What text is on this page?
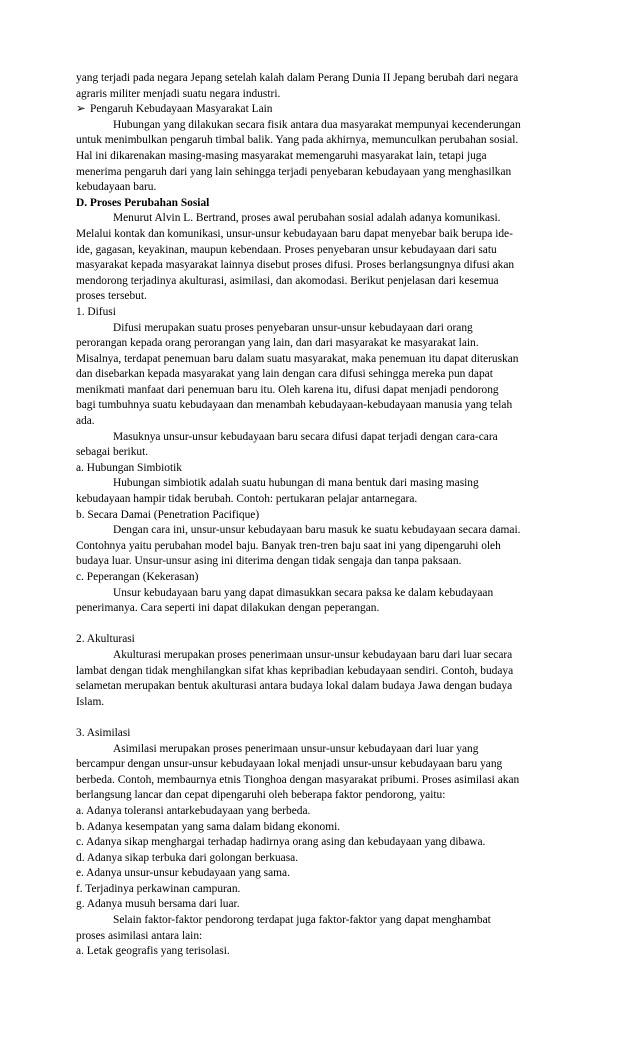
yang terjadi pada negara Jepang setelah kalah dalam Perang Dunia II Jepang berubah dari negara
agraris militer menjadi suatu negara industri.
➢ Pengaruh Kebudayaan Masyarakat Lain
Hubungan yang dilakukan secara fisik antara dua masyarakat mempunyai kecenderungan
untuk menimbulkan pengaruh timbal balik. Yang pada akhirnya, memunculkan perubahan sosial.
Hal ini dikarenakan masing-masing masyarakat memengaruhi masyarakat lain, tetapi juga
menerima pengaruh dari yang lain sehingga terjadi penyebaran kebudayaan yang menghasilkan
kebudayaan baru.
D. Proses Perubahan Sosial
Menurut Alvin L. Bertrand, proses awal perubahan sosial adalah adanya komunikasi.
Melalui kontak dan komunikasi, unsur-unsur kebudayaan baru dapat menyebar baik berupa ide-
ide, gagasan, keyakinan, maupun kebendaan. Proses penyebaran unsur kebudayaan dari satu
masyarakat kepada masyarakat lainnya disebut proses difusi. Proses berlangsungnya difusi akan
mendorong terjadinya akulturasi, asimilasi, dan akomodasi. Berikut penjelasan dari kesemua
proses tersebut.
1. Difusi
Difusi merupakan suatu proses penyebaran unsur-unsur kebudayaan dari orang
perorangan kepada orang perorangan yang lain, dan dari masyarakat ke masyarakat lain.
Misalnya, terdapat penemuan baru dalam suatu masyarakat, maka penemuan itu dapat diteruskan
dan disebarkan kepada masyarakat yang lain dengan cara difusi sehingga mereka pun dapat
menikmati manfaat dari penemuan baru itu. Oleh karena itu, difusi dapat menjadi pendorong
bagi tumbuhnya suatu kebudayaan dan menambah kebudayaan-kebudayaan manusia yang telah
ada.
Masuknya unsur-unsur kebudayaan baru secara difusi dapat terjadi dengan cara-cara
sebagai berikut.
a. Hubungan Simbiotik
Hubungan simbiotik adalah suatu hubungan di mana bentuk dari masing masing
kebudayaan hampir tidak berubah. Contoh: pertukaran pelajar antarnegara.
b. Secara Damai (Penetration Pacifique)
Dengan cara ini, unsur-unsur kebudayaan baru masuk ke suatu kebudayaan secara damai.
Contohnya yaitu perubahan model baju. Banyak tren-tren baju saat ini yang dipengaruhi oleh
budaya luar. Unsur-unsur asing ini diterima dengan tidak sengaja dan tanpa paksaan.
c. Peperangan (Kekerasan)
Unsur kebudayaan baru yang dapat dimasukkan secara paksa ke dalam kebudayaan
penerimanya. Cara seperti ini dapat dilakukan dengan peperangan.
2. Akulturasi
Akulturasi merupakan proses penerimaan unsur-unsur kebudayaan baru dari luar secara
lambat dengan tidak menghilangkan sifat khas kepribadian kebudayaan sendiri. Contoh, budaya
selametan merupakan bentuk akulturasi antara budaya lokal dalam budaya Jawa dengan budaya
Islam.
3. Asimilasi
Asimilasi merupakan proses penerimaan unsur-unsur kebudayaan dari luar yang
bercampur dengan unsur-unsur kebudayaan lokal menjadi unsur-unsur kebudayaan baru yang
berbeda. Contoh, membaurnya etnis Tionghoa dengan masyarakat pribumi. Proses asimilasi akan
berlangsung lancar dan cepat dipengaruhi oleh beberapa faktor pendorong, yaitu:
a. Adanya toleransi antarkebudayaan yang berbeda.
b. Adanya kesempatan yang sama dalam bidang ekonomi.
c. Adanya sikap menghargai terhadap hadirnya orang asing dan kebudayaan yang dibawa.
d. Adanya sikap terbuka dari golongan berkuasa.
e. Adanya unsur-unsur kebudayaan yang sama.
f. Terjadinya perkawinan campuran.
g. Adanya musuh bersama dari luar.
Selain faktor-faktor pendorong terdapat juga faktor-faktor yang dapat menghambat
proses asimilasi antara lain:
a. Letak geografis yang terisolasi.
